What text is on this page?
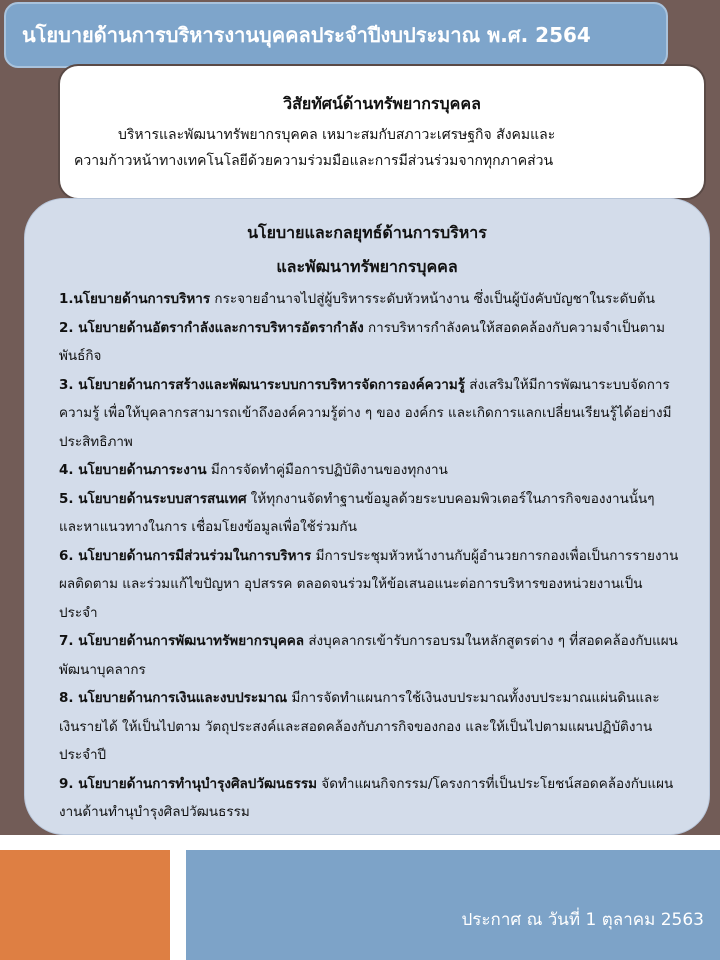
นโยบายด้านการบริหารงานบุคคลประจำปีงบประมาณ พ.ศ. 2564
วิสัยทัศน์ด้านทรัพยากรบุคคล
บริหารและพัฒนาทรัพยากรบุคคล เหมาะสมกับสภาวะเศรษฐกิจ สังคมและ
ความก้าวหน้าทางเทคโนโลยีด้วยความร่วมมือและการมีส่วนร่วมจากทุกภาคส่วน
นโยบายและกลยุทธ์ด้านการบริหาร
และพัฒนาทรัพยากรบุคคล
1.นโยบายด้านการบริหาร กระจายอำนาจไปสู่ผู้บริหารระดับหัวหน้างาน ซึ่งเป็นผู้บังคับบัญชาในระดับต้น
2. นโยบายด้านอัตรากำลังและการบริหารอัตรากำลัง การบริหารกำลังคนให้สอดคล้องกับความจำเป็นตามพันธ์กิจ
3. นโยบายด้านการสร้างและพัฒนาระบบการบริหารจัดการองค์ความรู้ ส่งเสริมให้มีการพัฒนาระบบจัดการความรู้ เพื่อให้บุคลากรสามารถเข้าถึงองค์ความรู้ต่าง ๆ ของ องค์กร และเกิดการแลกเปลี่ยนเรียนรู้ได้อย่างมีประสิทธิภาพ
4. นโยบายด้านภาระงาน มีการจัดทำคู่มือการปฏิบัติงานของทุกงาน
5. นโยบายด้านระบบสารสนเทศ ให้ทุกงานจัดทำฐานข้อมูลด้วยระบบคอมพิวเตอร์ในภารกิจของงานนั้นๆ และหาแนวทางในการ เชื่อมโยงข้อมูลเพื่อใช้ร่วมกัน
6. นโยบายด้านการมีส่วนร่วมในการบริหาร มีการประชุมหัวหน้างานกับผู้อำนวยการกองเพื่อเป็นการรายงานผลติดตาม และร่วมแก้ไขปัญหา อุปสรรค ตลอดจนร่วมให้ข้อเสนอแนะต่อการบริหารของหน่วยงานเป็นประจำ
7. นโยบายด้านการพัฒนาทรัพยากรบุคคล ส่งบุคลากรเข้ารับการอบรมในหลักสูตรต่าง ๆ ที่สอดคล้องกับแผนพัฒนาบุคลากร
8. นโยบายด้านการเงินและงบประมาณ มีการจัดทำแผนการใช้เงินงบประมาณทั้งงบประมาณแผ่นดินและเงินรายได้ ให้เป็นไปตาม วัตถุประสงค์และสอดคล้องกับภารกิจของกอง และให้เป็นไปตามแผนปฏิบัติงานประจำปี
9. นโยบายด้านการทำนุบำรุงศิลปวัฒนธรรม จัดทำแผนกิจกรรม/โครงการที่เป็นประโยชน์สอดคล้องกับแผนงานด้านทำนุบำรุงศิลปวัฒนธรรม
ประกาศ ณ วันที่ 1 ตุลาคม 2563
